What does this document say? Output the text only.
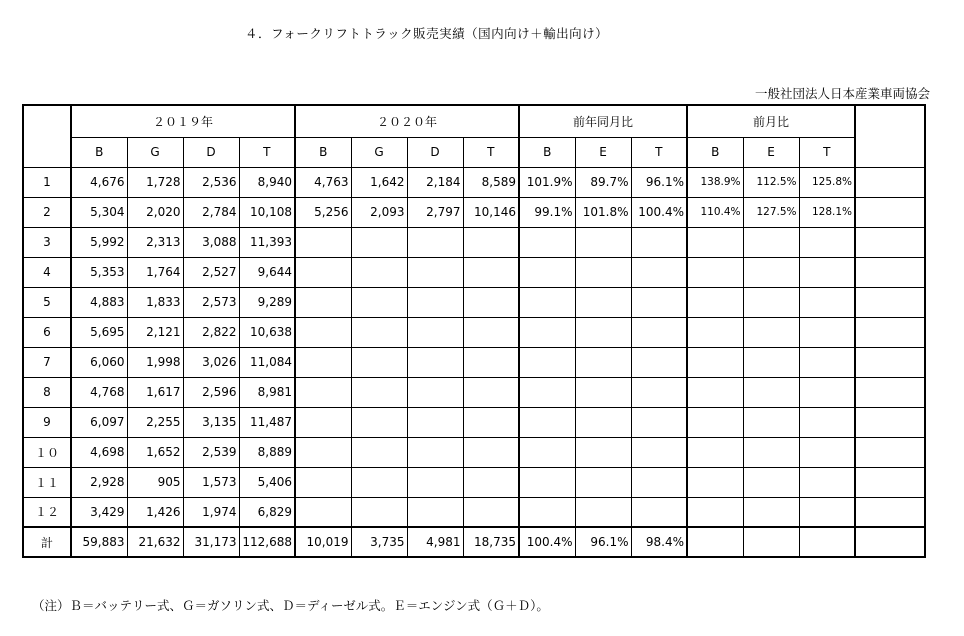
４．フォークリフトトラック販売実績（国内向け＋輸出向け）
一般社団法人日本産業車両協会
	２０１９年				２０２０年				前年同月比			前月比			
	B	G	D	T	B	G	D	T	B	E	T	B	E	T	
1	4,676	1,728	2,536	8,940	4,763	1,642	2,184	8,589	101.9%	89.7%	96.1%	138.9%	112.5%	125.8%	
2	5,304	2,020	2,784	10,108	5,256	2,093	2,797	10,146	99.1%	101.8%	100.4%	110.4%	127.5%	128.1%	
3	5,992	2,313	3,088	11,393											
4	5,353	1,764	2,527	9,644											
5	4,883	1,833	2,573	9,289											
6	5,695	2,121	2,822	10,638											
7	6,060	1,998	3,026	11,084											
8	4,768	1,617	2,596	8,981											
9	6,097	2,255	3,135	11,487											
１０	4,698	1,652	2,539	8,889											
１１	2,928	905	1,573	5,406											
１２	3,429	1,426	1,974	6,829											
計	59,883	21,632	31,173	112,688	10,019	3,735	4,981	18,735	100.4%	96.1%	98.4%				
（注）Ｂ＝バッテリー式、Ｇ＝ガソリン式、Ｄ＝ディーゼル式。Ｅ＝エンジン式（Ｇ＋Ｄ）。
